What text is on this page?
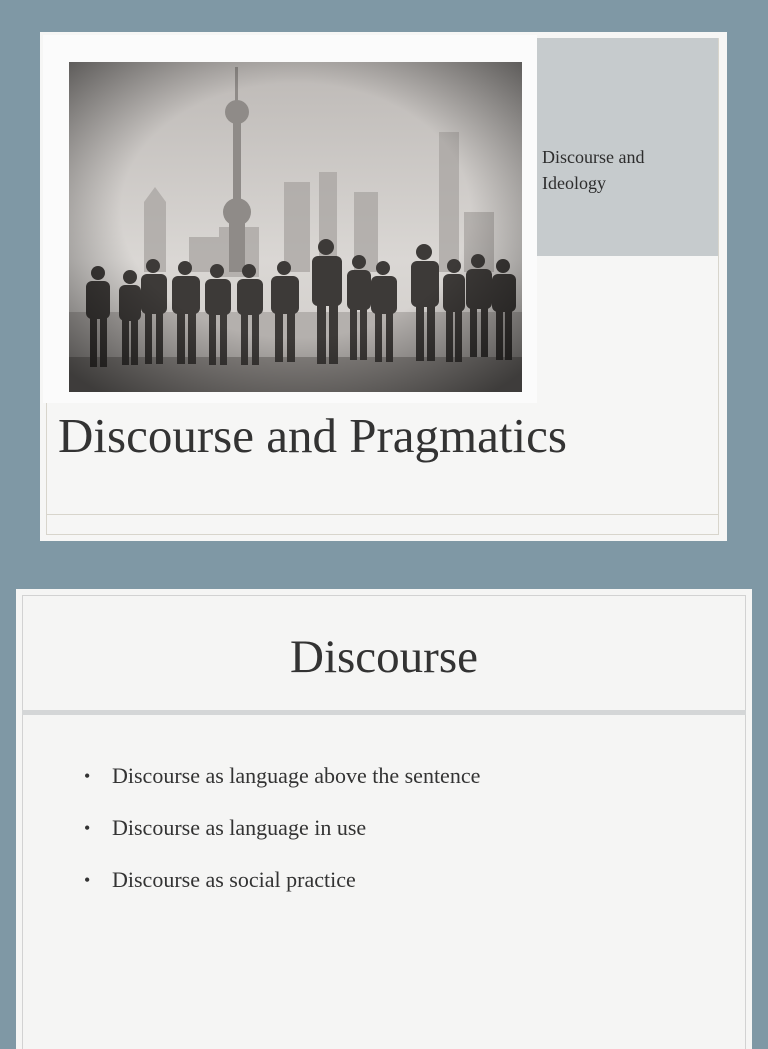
Discourse and Ideology
Discourse and Pragmatics
Discourse
• Discourse as language above the sentence
• Discourse as language in use
• Discourse as social practice
